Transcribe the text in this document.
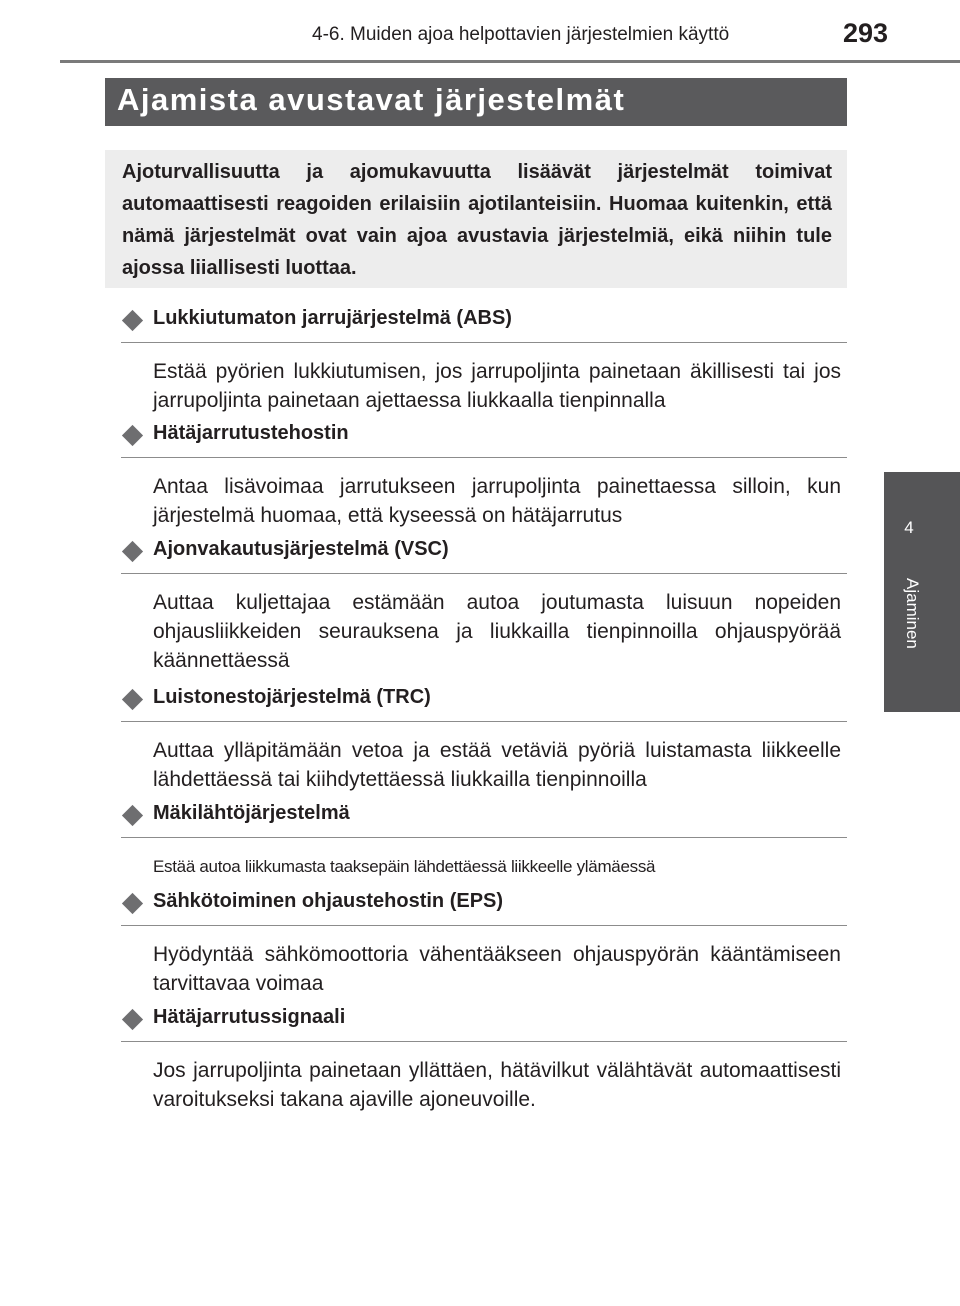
4-6. Muiden ajoa helpottavien järjestelmien käyttö	293
4
Ajaminen
Ajamista avustavat järjestelmät
Ajoturvallisuutta ja ajomukavuutta lisäävät järjestelmät toimivat automaattisesti reagoiden erilaisiin ajotilanteisiin. Huomaa kuitenkin, että nämä järjestelmät ovat vain ajoa avustavia järjestelmiä, eikä niihin tule ajossa liiallisesti luottaa.
Lukkiutumaton jarrujärjestelmä (ABS)
Estää pyörien lukkiutumisen, jos jarrupoljinta painetaan äkillisesti tai jos jarrupoljinta painetaan ajettaessa liukkaalla tienpinnalla
Hätäjarrutustehostin
Antaa lisävoimaa jarrutukseen jarrupoljinta painettaessa silloin, kun järjestelmä huomaa, että kyseessä on hätäjarrutus
Ajonvakautusjärjestelmä (VSC)
Auttaa kuljettajaa estämään autoa joutumasta luisuun nopeiden ohjausliikkeiden seurauksena ja liukkailla tienpinnoilla ohjauspyörää käännettäessä
Luistonestojärjestelmä (TRC)
Auttaa ylläpitämään vetoa ja estää vetäviä pyöriä luistamasta liikkeelle lähdettäessä tai kiihdytettäessä liukkailla tienpinnoilla
Mäkilähtöjärjestelmä
Estää autoa liikkumasta taaksepäin lähdettäessä liikkeelle ylämäessä
Sähkötoiminen ohjaustehostin (EPS)
Hyödyntää sähkömoottoria vähentääkseen ohjauspyörän kääntämiseen tarvittavaa voimaa
Hätäjarrutussignaali
Jos jarrupoljinta painetaan yllättäen, hätävilkut välähtävät automaattisesti varoitukseksi takana ajaville ajoneuvoille.
